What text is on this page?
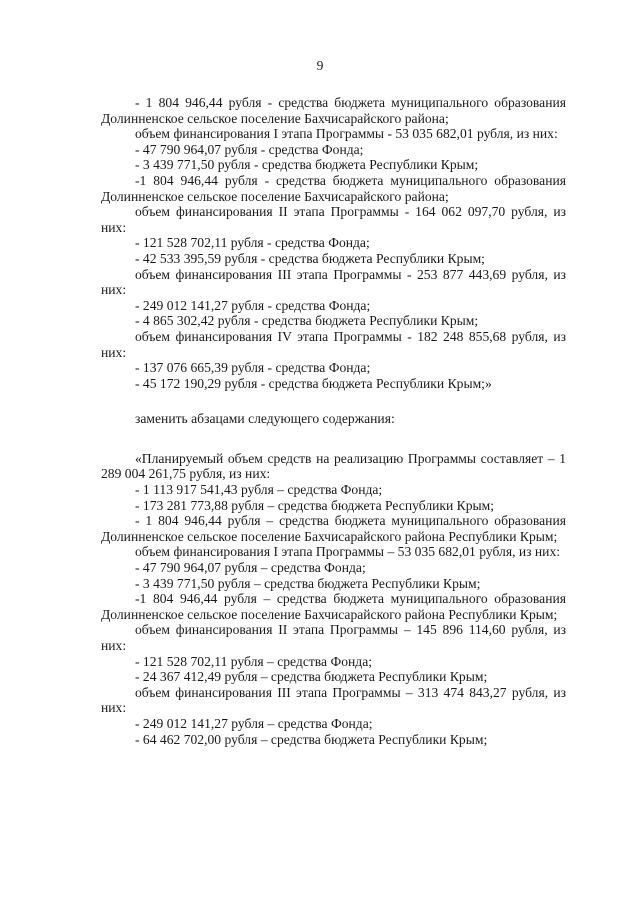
9

- 1 804 946,44 рубля - средства бюджета муниципального образования Долинненское сельское поселение Бахчисарайского района;

объем финансирования I этапа Программы - 53 035 682,01 рубля, из них:

- 47 790 964,07 рубля - средства Фонда;

- 3 439 771,50 рубля - средства бюджета Республики Крым;

-1 804 946,44 рубля - средства бюджета муниципального образования Долинненское сельское поселение Бахчисарайского района;

объем финансирования II этапа Программы - 164 062 097,70 рубля, из них:

- 121 528 702,11 рубля - средства Фонда;

- 42 533 395,59 рубля - средства бюджета Республики Крым;

объем финансирования III этапа Программы - 253 877 443,69 рубля, из них:

- 249 012 141,27 рубля - средства Фонда;

- 4 865 302,42 рубля - средства бюджета Республики Крым;

объем финансирования IV этапа Программы - 182 248 855,68 рубля, из них:

- 137 076 665,39 рубля - средства Фонда;

- 45 172 190,29 рубля - средства бюджета Республики Крым;»

заменить абзацами следующего содержания:

«Планируемый объем средств на реализацию Программы составляет – 1 289 004 261,75 рубля, из них:

- 1 113 917 541,43 рубля – средства Фонда;

- 173 281 773,88 рубля – средства бюджета Республики Крым;

- 1 804 946,44 рубля – средства бюджета муниципального образования Долинненское сельское поселение Бахчисарайского района Республики Крым;

объем финансирования I этапа Программы – 53 035 682,01 рубля, из них:

- 47 790 964,07 рубля – средства Фонда;

- 3 439 771,50 рубля – средства бюджета Республики Крым;

-1 804 946,44 рубля – средства бюджета муниципального образования Долинненское сельское поселение Бахчисарайского района Республики Крым;

объем финансирования II этапа Программы – 145 896 114,60 рубля, из них:

- 121 528 702,11 рубля – средства Фонда;

- 24 367 412,49 рубля – средства бюджета Республики Крым;

объем финансирования III этапа Программы – 313 474 843,27 рубля, из них:

- 249 012 141,27 рубля – средства Фонда;

- 64 462 702,00 рубля – средства бюджета Республики Крым;
